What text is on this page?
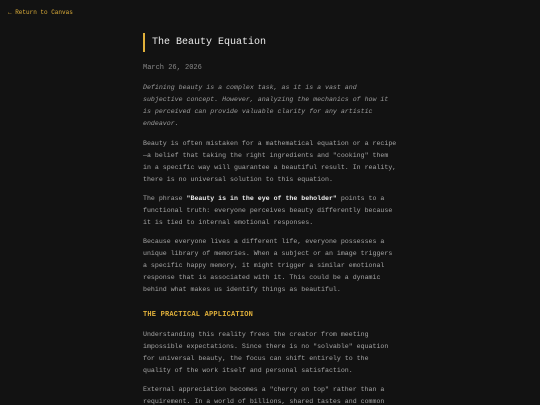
← Return to Canvas
The Beauty Equation
March 26, 2026

Defining beauty is a complex task, as it is a vast and subjective concept. However, analyzing the mechanics of how it is perceived can provide valuable clarity for any artistic endeavor.

Beauty is often mistaken for a mathematical equation or a recipe—a belief that taking the right ingredients and "cooking" them in a specific way will guarantee a beautiful result. In reality, there is no universal solution to this equation.

The phrase "Beauty is in the eye of the beholder" points to a functional truth: everyone perceives beauty differently because it is tied to internal emotional responses.

Because everyone lives a different life, everyone possesses a unique library of memories. When a subject or an image triggers a specific happy memory, it might trigger a similar emotional response that is associated with it. This could be a dynamic behind what makes us identify things as beautiful.

THE PRACTICAL APPLICATION

Understanding this reality frees the creator from meeting impossible expectations. Since there is no "solvable" equation for universal beauty, the focus can shift entirely to the quality of the work itself and personal satisfaction.

External appreciation becomes a "cherry on top" rather than a requirement. In a world of billions, shared tastes and common
